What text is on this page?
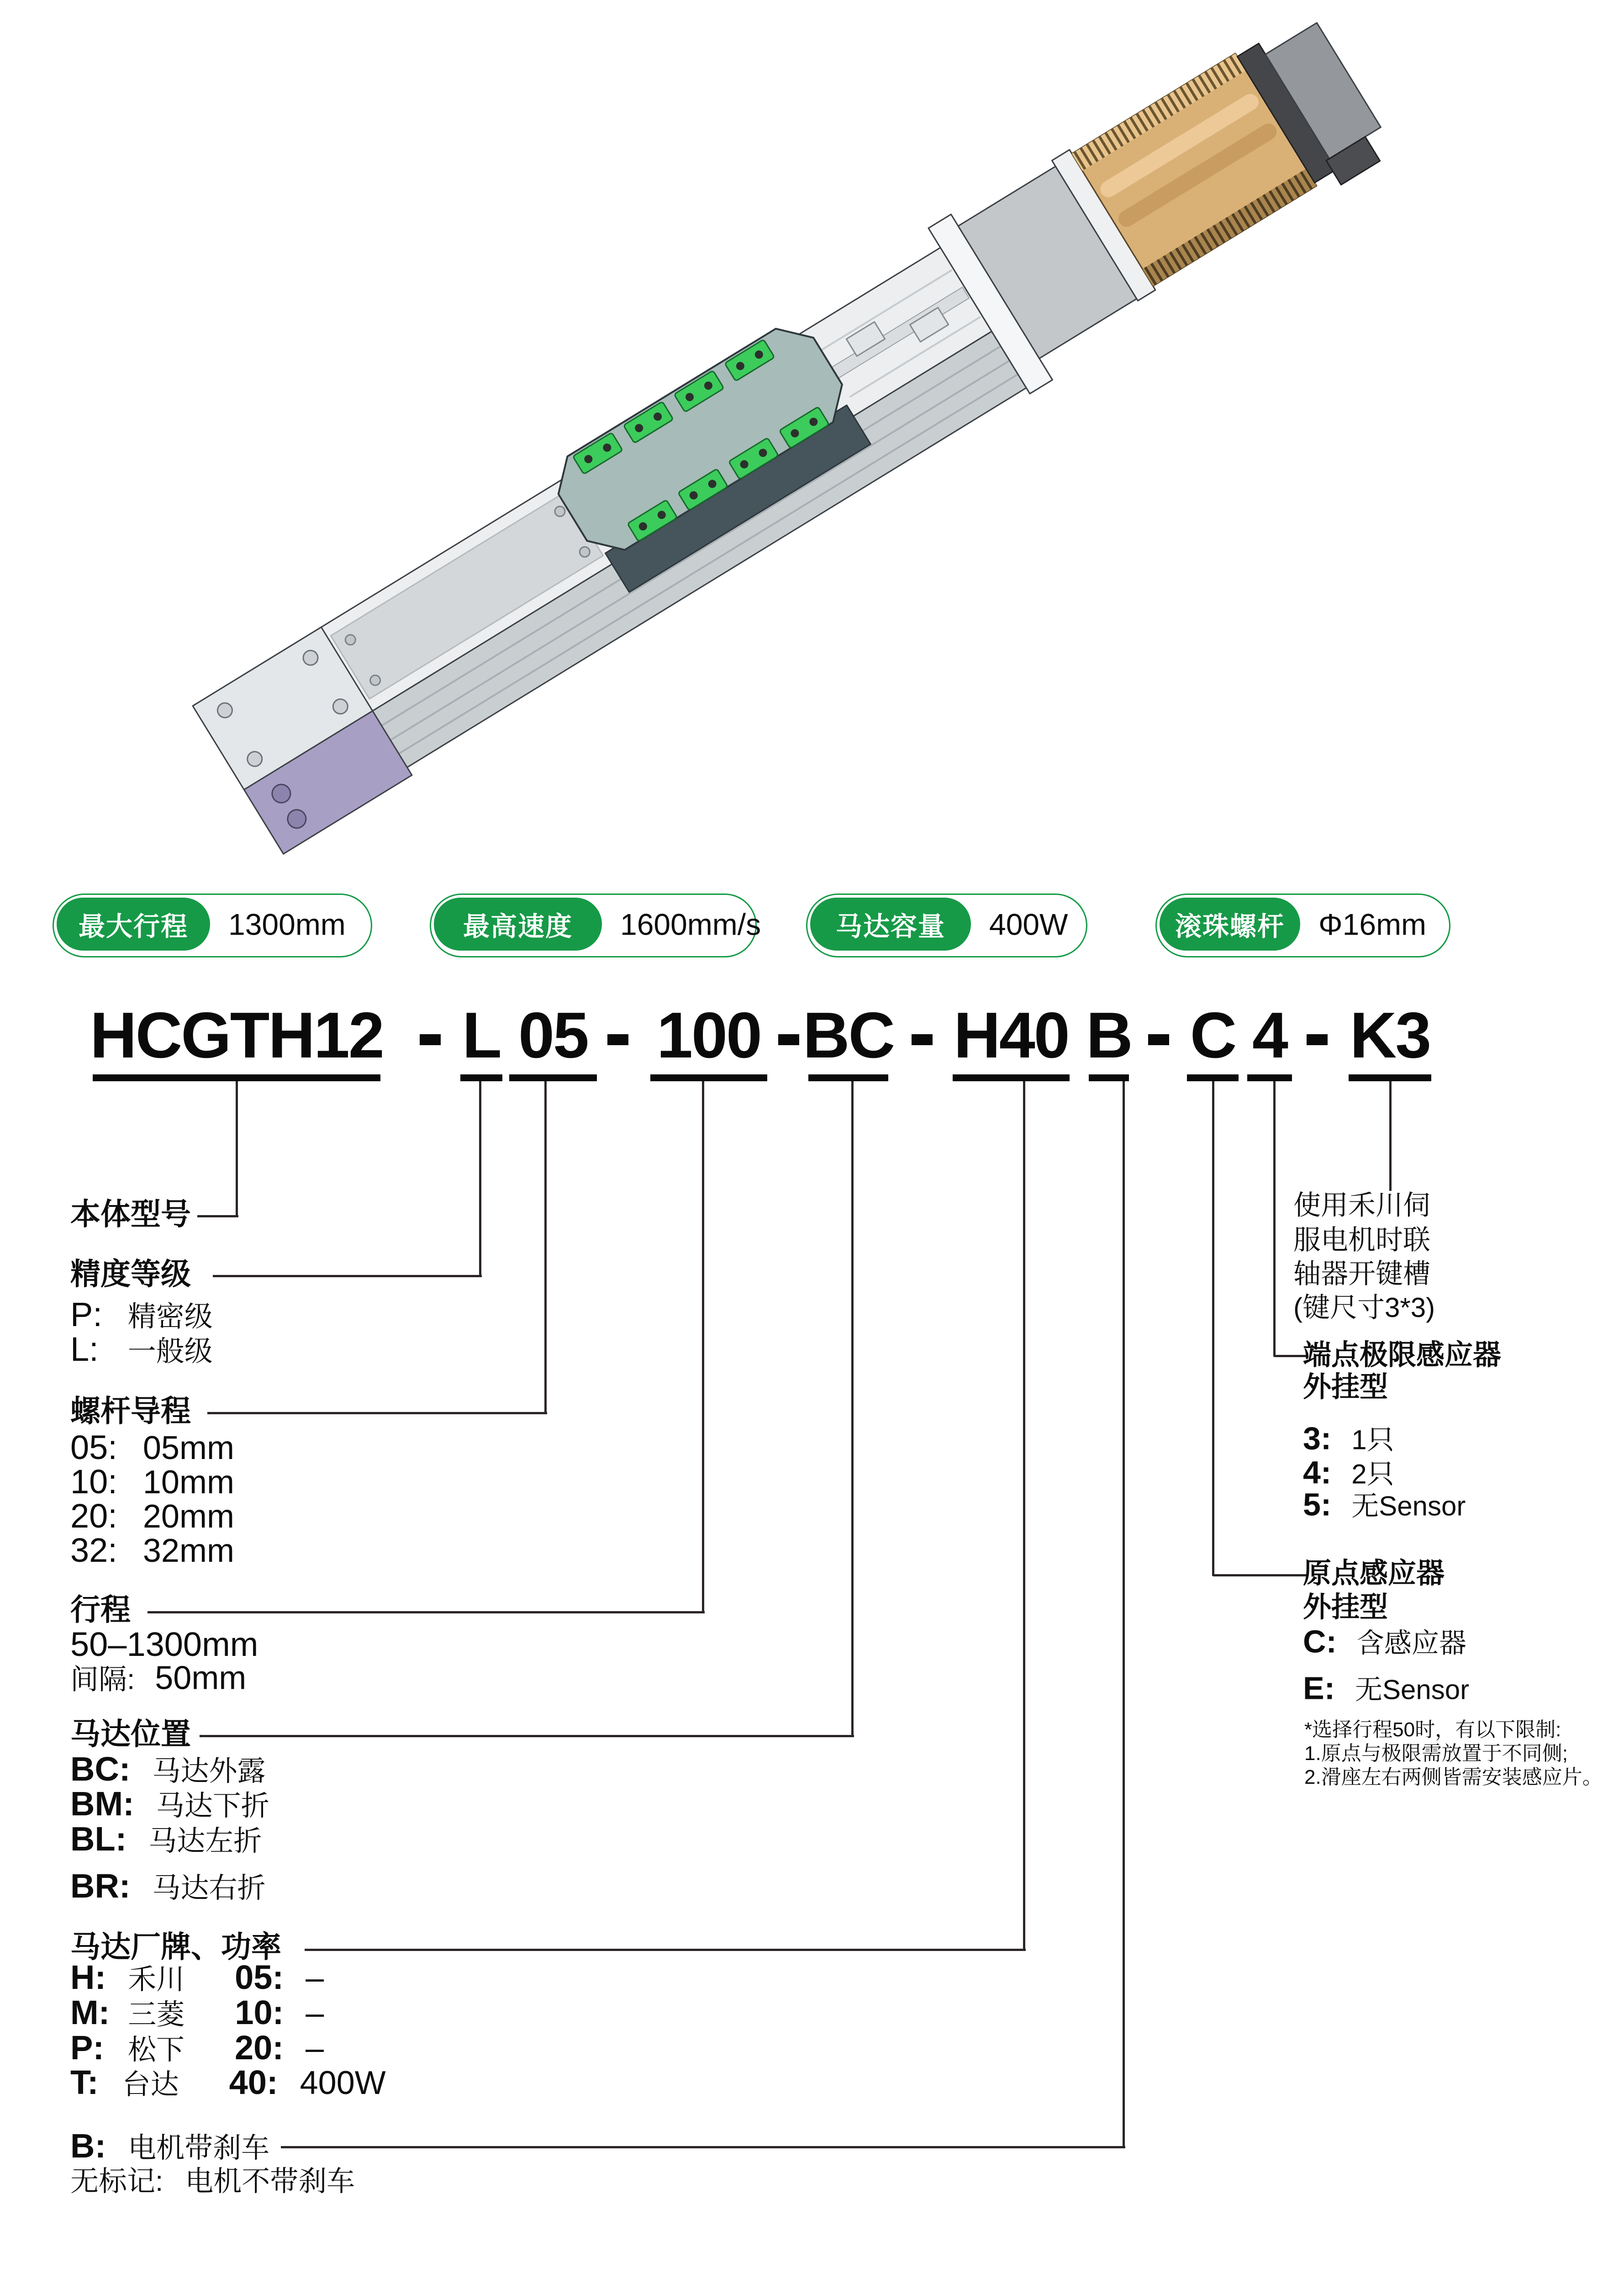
最大行程	1300mm	最高速度	1600mm/s	马达容量	400W	滚珠螺杆	Φ16mm
HCGTH12 L 05 100 BC H40 B C 4 K3
本体型号
精度等级
P: 精密级
L: 一般级
螺杆导程
05: 05mm
10: 10mm
20: 20mm
32: 32mm
行程
50–1300mm
间隔: 50mm
马达位置
BC: 马达外露
BM: 马达下折
BL: 马达左折
BR: 马达右折
马达厂牌、功率
H: 禾川 05: –
M: 三菱 10: –
P: 松下 20: –
T: 台达 40: 400W
B: 电机带刹车
无标记: 电机不带刹车
使用禾川伺
服电机时联
轴器开键槽
(键尺寸3*3)
端点极限感应器
外挂型
3: 1只
4: 2只
5: 无Sensor
原点感应器
外挂型
C: 含感应器
E: 无Sensor
*选择行程50时，有以下限制:
1.原点与极限需放置于不同侧;
2.滑座左右两侧皆需安装感应片。
